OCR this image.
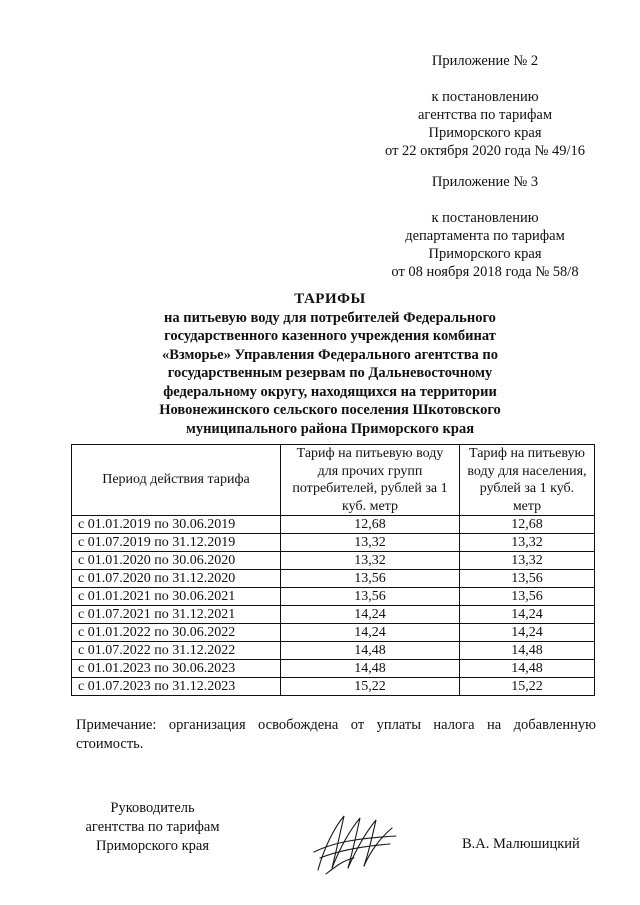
Приложение № 2
к постановлению
агентства по тарифам
Приморского края
от 22 октября 2020 года № 49/16
Приложение № 3
к постановлению
департамента по тарифам
Приморского края
от 08 ноября 2018 года № 58/8
ТАРИФЫ
на питьевую воду для потребителей Федерального
государственного казенного учреждения комбинат
«Взморье» Управления Федерального агентства по
государственным резервам по Дальневосточному
федеральному округу, находящихся на территории
Новонежинского сельского поселения Шкотовского
муниципального района Приморского края
Период действия тарифа	Тариф на питьевую воду для прочих групп потребителей, рублей за 1 куб. метр	Тариф на питьевую воду для населения, рублей за 1 куб. метр
с 01.01.2019 по 30.06.2019	12,68	12,68
с 01.07.2019 по 31.12.2019	13,32	13,32
с 01.01.2020 по 30.06.2020	13,32	13,32
с 01.07.2020 по 31.12.2020	13,56	13,56
с 01.01.2021 по 30.06.2021	13,56	13,56
с 01.07.2021 по 31.12.2021	14,24	14,24
с 01.01.2022 по 30.06.2022	14,24	14,24
с 01.07.2022 по 31.12.2022	14,48	14,48
с 01.01.2023 по 30.06.2023	14,48	14,48
с 01.07.2023 по 31.12.2023	15,22	15,22
Примечание: организация освобождена от уплаты налога на добавленную стоимость.
Руководитель
агентства по тарифам
Приморского края	В.А. Малюшицкий
